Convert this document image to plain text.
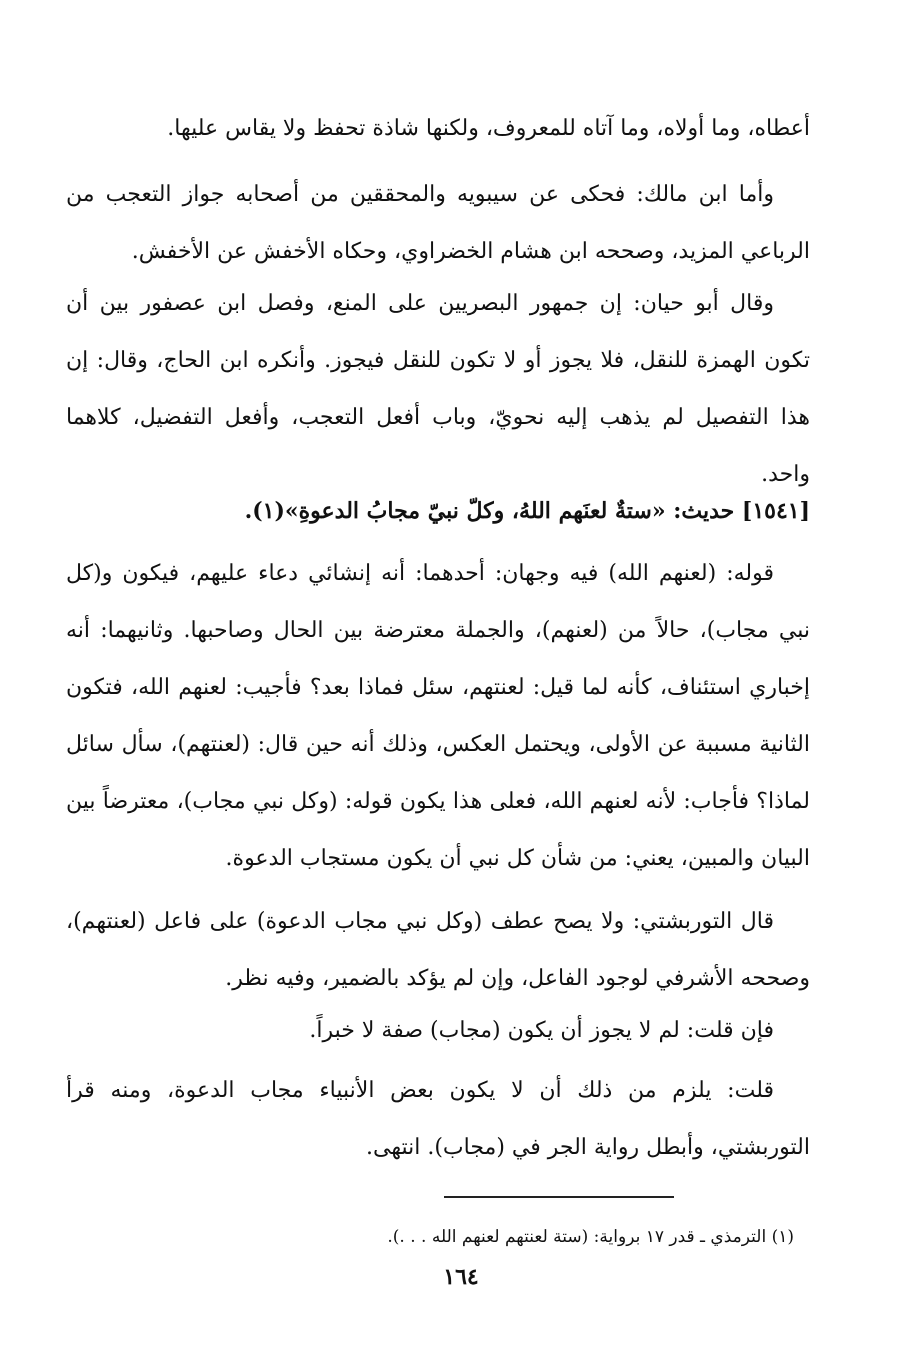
أعطاه، وما أولاه، وما آتاه للمعروف، ولكنها شاذة تحفظ ولا يقاس عليها.

وأما ابن مالك: فحكى عن سيبويه والمحققين من أصحابه جواز التعجب من الرباعي المزيد، وصححه ابن هشام الخضراوي، وحكاه الأخفش عن الأخفش.

وقال أبو حيان: إن جمهور البصريين على المنع، وفصل ابن عصفور بين أن تكون الهمزة للنقل، فلا يجوز أو لا تكون للنقل فيجوز. وأنكره ابن الحاج، وقال: إن هذا التفصيل لم يذهب إليه نحويّ، وباب أفعل التعجب، وأفعل التفضيل، كلاهما واحد.

[١٥٤١] حديث: «ستةٌ لعنَهم اللهُ، وكلّ نبيّ مجابُ الدعوةِ»(١).

قوله: (لعنهم الله) فيه وجهان: أحدهما: أنه إنشائي دعاء عليهم، فيكون و(كل نبي مجاب)، حالاً من (لعنهم)، والجملة معترضة بين الحال وصاحبها. وثانيهما: أنه إخباري استئناف، كأنه لما قيل: لعنتهم، سئل فماذا بعد؟ فأجيب: لعنهم الله، فتكون الثانية مسببة عن الأولى، ويحتمل العكس، وذلك أنه حين قال: (لعنتهم)، سأل سائل لماذا؟ فأجاب: لأنه لعنهم الله، فعلى هذا يكون قوله: (وكل نبي مجاب)، معترضاً بين البيان والمبين، يعني: من شأن كل نبي أن يكون مستجاب الدعوة.

قال التوربشتي: ولا يصح عطف (وكل نبي مجاب الدعوة) على فاعل (لعنتهم)، وصححه الأشرفي لوجود الفاعل، وإن لم يؤكد بالضمير، وفيه نظر.

فإن قلت: لم لا يجوز أن يكون (مجاب) صفة لا خبراً.

قلت: يلزم من ذلك أن لا يكون بعض الأنبياء مجاب الدعوة، ومنه قرأ التوربشتي، وأبطل رواية الجر في (مجاب). انتهى.

(١) الترمذي ـ قدر ١٧ برواية: (ستة لعنتهم لعنهم الله . . .).

١٦٤
